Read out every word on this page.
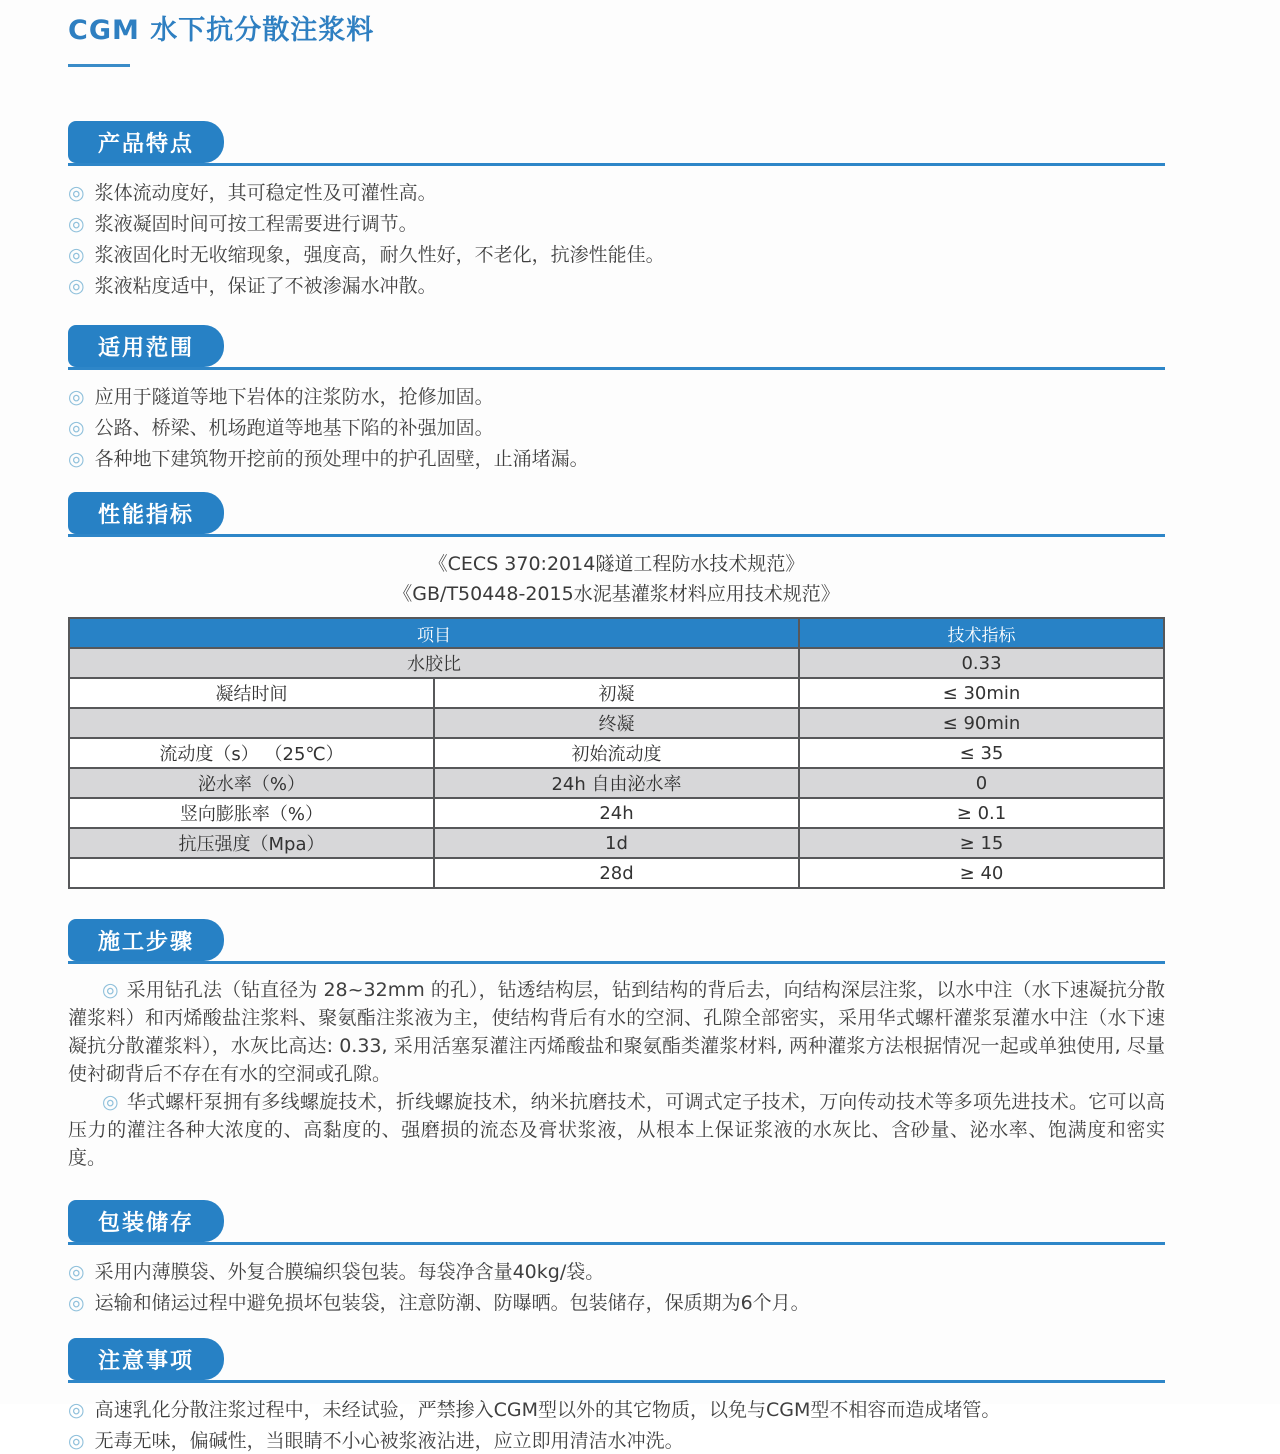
CGM 水下抗分散注浆料
产品特点
◎ 浆体流动度好，其可稳定性及可灌性高。
◎ 浆液凝固时间可按工程需要进行调节。
◎ 浆液固化时无收缩现象，强度高，耐久性好，不老化，抗渗性能佳。
◎ 浆液粘度适中，保证了不被渗漏水冲散。
适用范围
◎ 应用于隧道等地下岩体的注浆防水，抢修加固。
◎ 公路、桥梁、机场跑道等地基下陷的补强加固。
◎ 各种地下建筑物开挖前的预处理中的护孔固壁，止涌堵漏。
性能指标
《CECS 370:2014隧道工程防水技术规范》
《GB/T50448-2015水泥基灌浆材料应用技术规范》
项目		技术指标
水胶比		0.33
凝结时间	初凝	≤ 30min
	终凝	≤ 90min
流动度（s） （25℃）	初始流动度	≤ 35
泌水率（%）	24h 自由泌水率	0
竖向膨胀率（%）	24h	≥ 0.1
抗压强度（Mpa）	1d	≥ 15
	28d	≥ 40
施工步骤

◎ 采用钻孔法（钻直径为 28~32mm 的孔），钻透结构层，钻到结构的背后去，向结构深层注浆，以水中注（水下速凝抗分散灌浆料）和丙烯酸盐注浆料、聚氨酯注浆液为主，使结构背后有水的空洞、孔隙全部密实，采用华式螺杆灌浆泵灌水中注（水下速凝抗分散灌浆料），水灰比高达: 0.33, 采用活塞泵灌注丙烯酸盐和聚氨酯类灌浆材料, 两种灌浆方法根据情况一起或单独使用, 尽量使衬砌背后不存在有水的空洞或孔隙。

◎ 华式螺杆泵拥有多线螺旋技术，折线螺旋技术，纳米抗磨技术，可调式定子技术，万向传动技术等多项先进技术。它可以高压力的灌注各种大浓度的、高黏度的、强磨损的流态及膏状浆液，从根本上保证浆液的水灰比、含砂量、泌水率、饱满度和密实度。

包装储存
◎ 采用内薄膜袋、外复合膜编织袋包装。每袋净含量40kg/袋。
◎ 运输和储运过程中避免损坏包装袋，注意防潮、防曝晒。包装储存，保质期为6个月。
注意事项
◎ 高速乳化分散注浆过程中，未经试验，严禁掺入CGM型以外的其它物质，以免与CGM型不相容而造成堵管。
◎ 无毒无味，偏碱性，当眼睛不小心被浆液沾进，应立即用清洁水冲洗。
